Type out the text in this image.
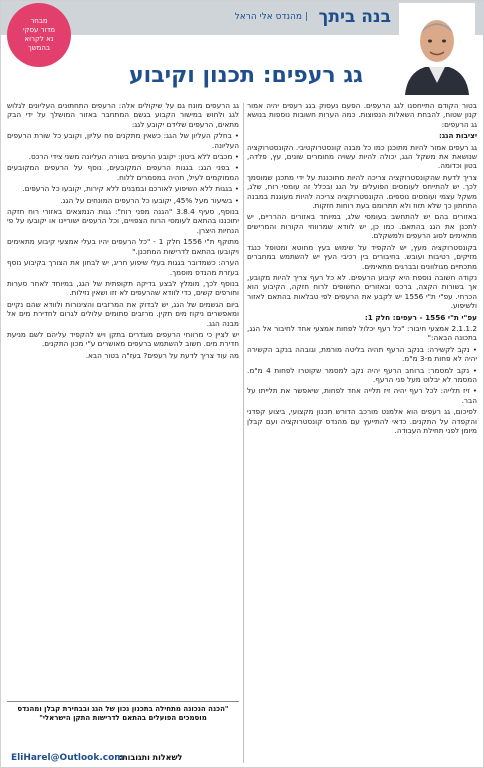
בנה ביתך
|מהנדס אלי הראל
מבחר
מדור עסקי
נא לקרוא
בהמשך
גג רעפים: תכנון וקיבוע

בטור הקודם התייחסנו לגג הרעפים. הפעם נעסוק בגג רעפים יהיה אמור קנון שטוח, להבחת השאלות הנפוצות. כמה הערות חשובות נוספות בנושא גג הרעפים:

יציבות הגג:

גג רעפים אמור להיות מתוכנן כמו כל מבנה קונסטרוקטיבי. הקונסטרוקציה שנושאת את משקל הגג, יכולה להיות עשויה מחומרים שונים, עץ, פלדה, בטון וכדומה.

צריך לדעת שהקונסטרוקציה צריכה להיות מתוכננת על ידי מתכנן שמוסמך לכך. יש להתייחס לעומסים הפועלים על הגג ובכלל זה עומסי רוח, שלג, משקל עצמי ועומסים נוספים. הקונסטרוקציה צריכה להיות מעוגנת במבנה התחתון כך שלא תזוז ולא תתרומם בעת רוחות חזקות.

באזורים בהם יש להתחשב בעומסי שלג, במיוחד באזורים ההרריים, יש לתכנן את הגג בהתאם. כמו כן, יש לוודא שמרווחי הקורות והמרישים מתאימים לסוג הרעפים ולמשקלם.

בקונסטרוקציה מעץ, יש להקפיד על שימוש בעץ מחוטא ומטופל כנגד מזיקים, רטיבות ועובש. בחיבורים בין רכיבי העץ יש להשתמש במחברים מתכתיים מגולוונים ובברגים מתאימים.

נקודה חשובה נוספת היא קיבוע הרעפים. לא כל רעף צריך להיות מקובע, אך בשורות הקצה, ברכס ובאזורים החשופים לרוח חזקה, הקיבוע הוא הכרחי. עפ"י ת"י 1556 יש לקבע את הרעפים לפי טבלאות בהתאם לאזור ולשיפוע.

עפ"י ת"י 1556 - רעפים: חלק 1:

2.1.1.2 אמצעי חיבור: "כל רעף יכלול לפחות אמצעי אחד לחיבור אל הגג, בתכונה הבאה:"

• נקב לקשירה: בנקב הרעף תהיה בליטה מורמת, וגובהה בנקב הקשירה יהיה לא פחות מ-3 מ"מ.

• נקב למסמר: ברוחב הרעף יהיה נקב למסמר שקוטרו לפחות 4 מ"מ. המסמר לא יבלוט מעל פני הרעף.

• זיז תלייה: לכל רעף יהיה זיז תלייה אחד לפחות, שיאפשר את תלייתו על הבר.

לסיכום, גג רעפים הוא אלמנט מורכב הדורש תכנון מקצועי, ביצוע קפדני והקפדה על התקנים. כדאי להתייעץ עם מהנדס קונסטרוקציה ועם קבלן מיומן לפני תחילת העבודה.

גג הרעפים מונח גם על שיקולים אלה: הרעפים התחתונים העליונים לגלוש לגג ולחוש במישור הקבוע בגשם המתחבר באזור המושלך על ידי הבק מתאים, הרעפים שלידם יקובע לגג:

• בחלק העליון של הגג: כשאין מתקנים פח עליון, וקובע כל שורת הרעפים העליונה.

• מכבים ללא ביטון: יקובע הרעפים בשורה העליונה משני צידי הרכס.

• בפני הגג: בגגות הרעפים המקובעים, נוסף על הרעפים המקובעים הממוקמים לעיל, תהיה במסמרים ללוח.

• בגגות ללא השיפוע לאורכם ובמבנים ללא קירות, יקובעו כל הרעפים.

• בשיעור מעל 45%, יקובעו כל הרעפים המונחים על הגג.

בנוסף, סעיף 3.8.4 "הגנה מפני רוח": גגות הנמצאים באזורי רוח חזקה יתוכננו בהתאם לעומסי הרוח הצפויים, וכל הרעפים ישוריינו או יקובעו על פי הנחיות היצרן.

מתוקף ת"י 1556 חלק 1 - "כל הרעפים יהיו בעלי אמצעי קיבוע מתאימים ויקובעו בהתאם לדרישות המתכנן."

הערה: כשמדובר בגגות בעלי שיפוע חריג, יש לבחון את הצורך בקיבוע נוסף בעזרת מהנדס מוסמך.

בנוסף לכך, מומלץ לבצע בדיקה תקופתית של הגג, במיוחד לאחר סערות וחורפים קשים, כדי לוודא שהרעפים לא זזו ושאין נזילות.

ביום הגשמים של הגג, יש לבדוק את המרזבים והצינורות ולוודא שהם נקיים ומאפשרים ניקוז מים תקין. מרזבים סתומים עלולים לגרום לחדירת מים אל מבנה הגג.

יש לציין כי מרווחי הרעפים מוגדרים בתקן ויש להקפיד עליהם לשם מניעת חדירת מים. חשוב להשתמש ברעפים מאושרים ע"י מכון התקנים.

מה עוד צריך לדעת על רעפים? בעז"ה בטור הבא.

"הכנה הנכונה מתחילה בתכנון נכון של הגג ובבחירת קבלן ומהנדס מוסמכים הפועלים בהתאם לדרישות התקן הישראלי"
לשאלות ותגובות:
EliHarel@Outlook.com
